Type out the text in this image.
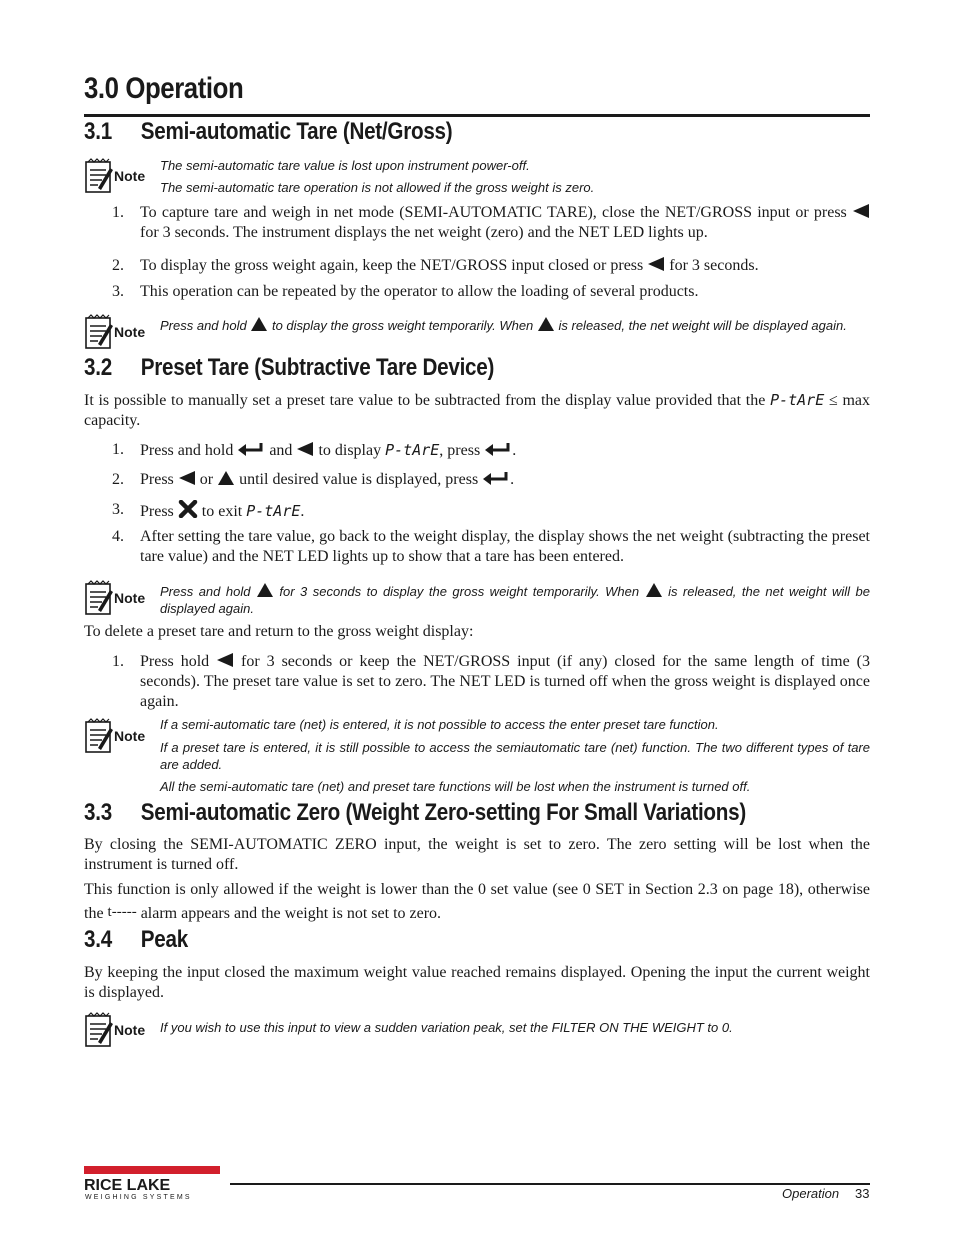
3.0 Operation
3.1 Semi-automatic Tare (Net/Gross)
Note
The semi-automatic tare value is lost upon instrument power-off.
The semi-automatic tare operation is not allowed if the gross weight is zero.
1. To capture tare and weigh in net mode (SEMI-AUTOMATIC TARE), close the NET/GROSS input or press  for 3 seconds. The instrument displays the net weight (zero) and the NET LED lights up.
2. To display the gross weight again, keep the NET/GROSS input closed or press  for 3 seconds.
3. This operation can be repeated by the operator to allow the loading of several products.
Note Press and hold  to display the gross weight temporarily. When  is released, the net weight will be displayed again.
3.2 Preset Tare (Subtractive Tare Device)
It is possible to manually set a preset tare value to be subtracted from the display value provided that the P-tArE ≤ max capacity.
1. Press and hold  and  to display P-tArE, press .
2. Press  or  until desired value is displayed, press .
3. Press  to exit P-tArE.
4. After setting the tare value, go back to the weight display, the display shows the net weight (subtracting the preset tare value) and the NET LED lights up to show that a tare has been entered.
Note Press and hold  for 3 seconds to display the gross weight temporarily. When  is released, the net weight will be displayed again.
To delete a preset tare and return to the gross weight display:
1. Press hold  for 3 seconds or keep the NET/GROSS input (if any) closed for the same length of time (3 seconds). The preset tare value is set to zero. The NET LED is turned off when the gross weight is displayed once again.
Note
If a semi-automatic tare (net) is entered, it is not possible to access the enter preset tare function.
If a preset tare is entered, it is still possible to access the semiautomatic tare (net) function. The two different types of tare are added.
All the semi-automatic tare (net) and preset tare functions will be lost when the instrument is turned off.
3.3 Semi-automatic Zero (Weight Zero-setting For Small Variations)
By closing the SEMI-AUTOMATIC ZERO input, the weight is set to zero. The zero setting will be lost when the instrument is turned off.
This function is only allowed if the weight is lower than the 0 set value (see 0 SET in Section 2.3 on page 18), otherwise the t----- alarm appears and the weight is not set to zero.
3.4 Peak
By keeping the input closed the maximum weight value reached remains displayed. Opening the input the current weight is displayed.
Note If you wish to use this input to view a sudden variation peak, set the FILTER ON THE WEIGHT to 0.
RICE LAKE
WEIGHING SYSTEMS	Operation 33
